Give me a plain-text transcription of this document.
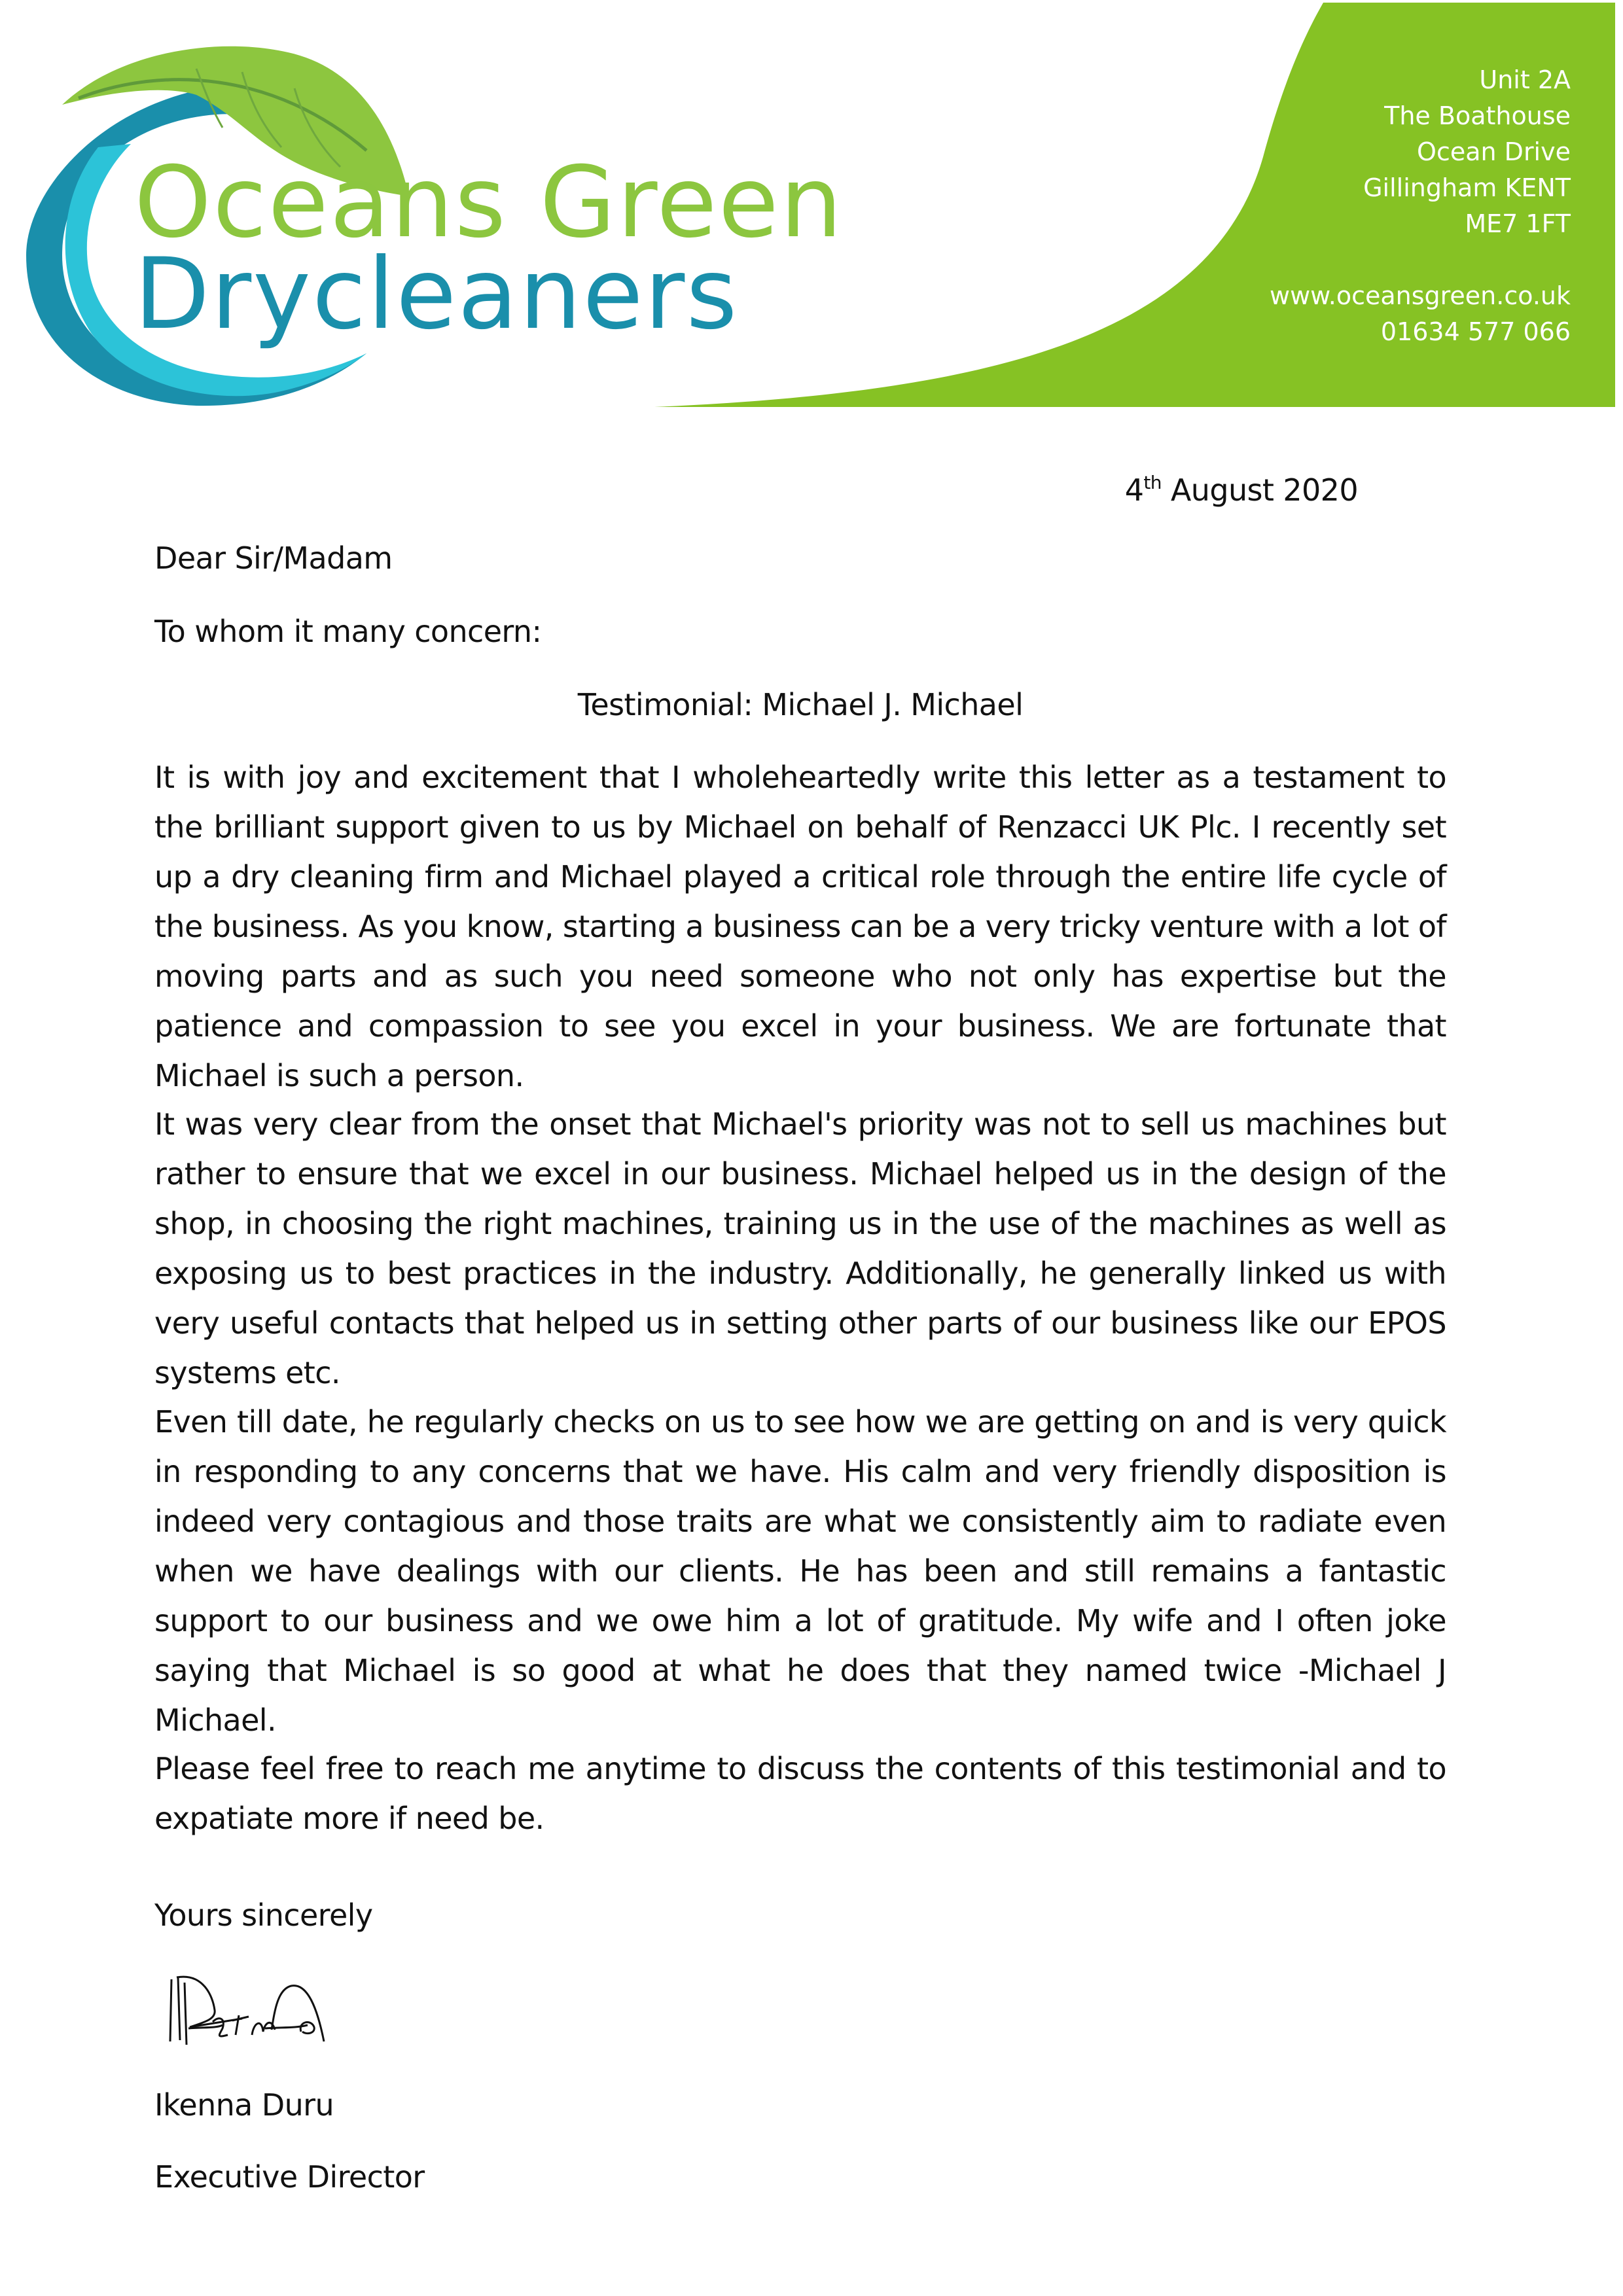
Oceans Green
Drycleaners
Unit 2A
The Boathouse
Ocean Drive
Gillingham KENT
ME7 1FT
www.oceansgreen.co.uk
01634 577 066
4th August 2020
Dear Sir/Madam
To whom it many concern:
Testimonial: Michael J. Michael
It is with joy and excitement that I wholeheartedly write this letter as a testament to the brilliant support given to us by Michael on behalf of Renzacci UK Plc. I recently set up a dry cleaning firm and Michael played a critical role through the entire life cycle of the business. As you know, starting a business can be a very tricky venture with a lot of moving parts and as such you need someone who not only has expertise but the patience and compassion to see you excel in your business. We are fortunate that Michael is such a person.
It was very clear from the onset that Michael's priority was not to sell us machines but rather to ensure that we excel in our business. Michael helped us in the design of the shop, in choosing the right machines, training us in the use of the machines as well as exposing us to best practices in the industry. Additionally, he generally linked us with very useful contacts that helped us in setting other parts of our business like our EPOS systems etc.
Even till date, he regularly checks on us to see how we are getting on and is very quick in responding to any concerns that we have. His calm and very friendly disposition is indeed very contagious and those traits are what we consistently aim to radiate even when we have dealings with our clients. He has been and still remains a fantastic support to our business and we owe him a lot of gratitude. My wife and I often joke saying that Michael is so good at what he does that they named twice -Michael J Michael.
Please feel free to reach me anytime to discuss the contents of this testimonial and to expatiate more if need be.
Yours sincerely
Ikenna Duru
Executive Director
